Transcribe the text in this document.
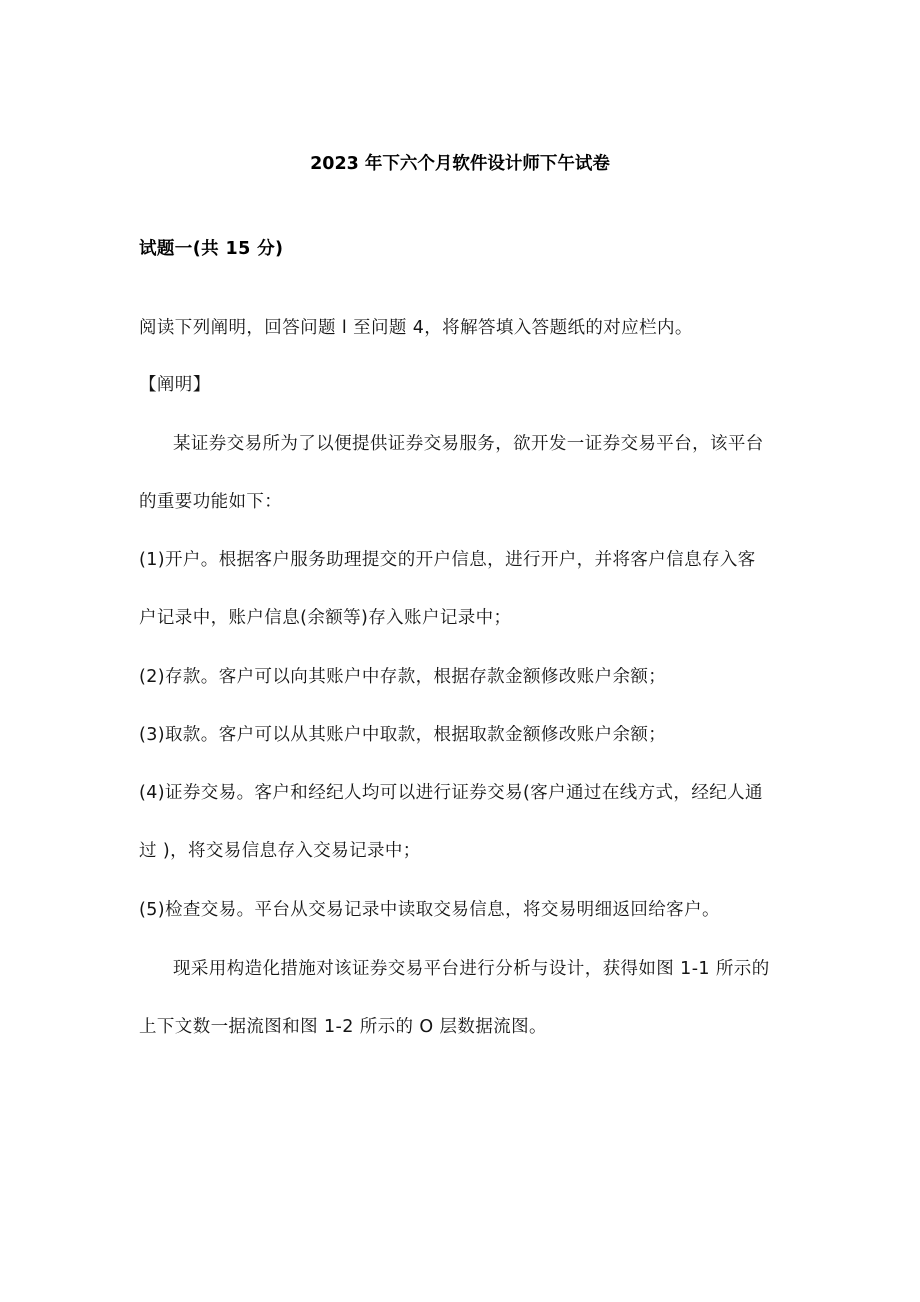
2023 年下六个月软件设计师下午试卷
试题一(共 15 分)
阅读下列阐明，回答问题 l 至问题 4，将解答填入答题纸的对应栏内。
【阐明】
某证券交易所为了以便提供证券交易服务，欲开发一证券交易平台，该平台
的重要功能如下：
(1)开户。根据客户服务助理提交的开户信息，进行开户，并将客户信息存入客
户记录中，账户信息(余额等)存入账户记录中；
(2)存款。客户可以向其账户中存款，根据存款金额修改账户余额；
(3)取款。客户可以从其账户中取款，根据取款金额修改账户余额；
(4)证券交易。客户和经纪人均可以进行证券交易(客户通过在线方式，经纪人通
过 )，将交易信息存入交易记录中；
(5)检查交易。平台从交易记录中读取交易信息，将交易明细返回给客户。
现采用构造化措施对该证券交易平台进行分析与设计，获得如图 1-1 所示的
上下文数一据流图和图 1-2 所示的 O 层数据流图。
